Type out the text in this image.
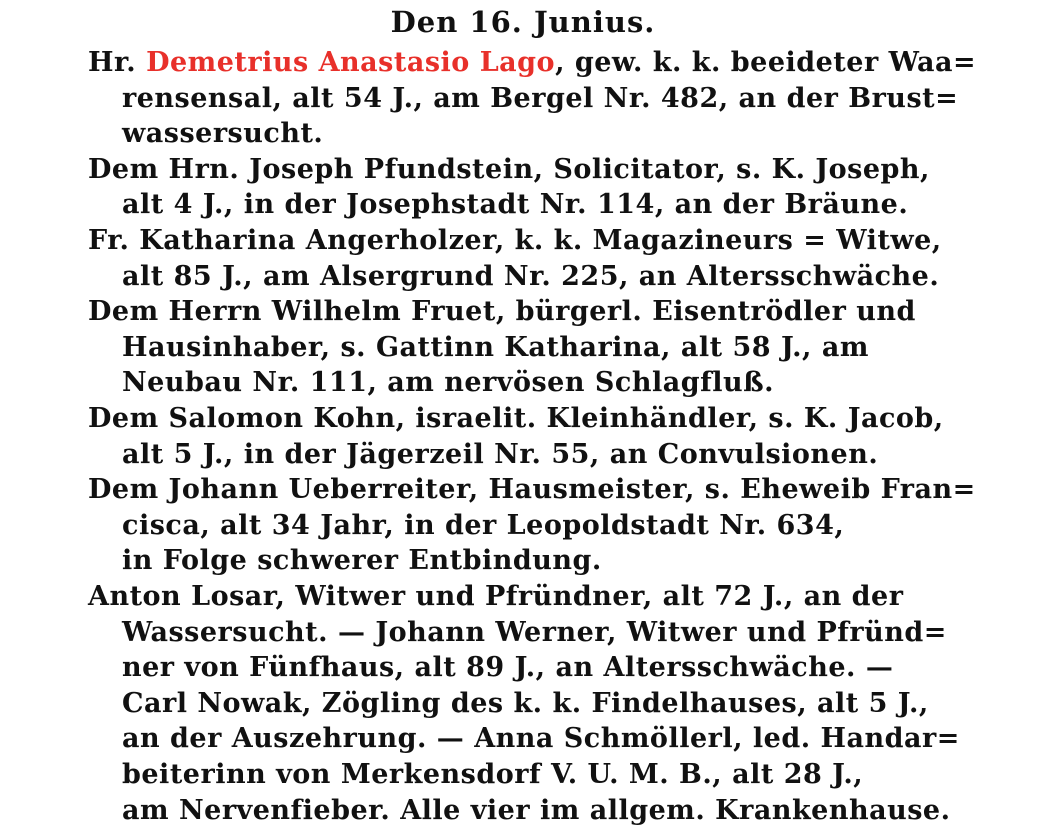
Den 16. Junius.
Hr. Demetrius Anastasio Lago, gew. k. k. beeideter Waa=
rensensal, alt 54 J., am Bergel Nr. 482, an der Brust=
wassersucht.
Dem Hrn. Joseph Pfundstein, Solicitator, s. K. Joseph,
alt 4 J., in der Josephstadt Nr. 114, an der Bräune.
Fr. Katharina Angerholzer, k. k. Magazineurs = Witwe,
alt 85 J., am Alsergrund Nr. 225, an Altersschwäche.
Dem Herrn Wilhelm Fruet, bürgerl. Eisentrödler und
Hausinhaber, s. Gattinn Katharina, alt 58 J., am
Neubau Nr. 111, am nervösen Schlagfluß.
Dem Salomon Kohn, israelit. Kleinhändler, s. K. Jacob,
alt 5 J., in der Jägerzeil Nr. 55, an Convulsionen.
Dem Johann Ueberreiter, Hausmeister, s. Eheweib Fran=
cisca, alt 34 Jahr, in der Leopoldstadt Nr. 634,
in Folge schwerer Entbindung.
Anton Losar, Witwer und Pfründner, alt 72 J., an der
Wassersucht. — Johann Werner, Witwer und Pfründ=
ner von Fünfhaus, alt 89 J., an Altersschwäche. —
Carl Nowak, Zögling des k. k. Findelhauses, alt 5 J.,
an der Auszehrung. — Anna Schmöllerl, led. Handar=
beiterinn von Merkensdorf V. U. M. B., alt 28 J.,
am Nervenfieber. Alle vier im allgem. Krankenhause.
